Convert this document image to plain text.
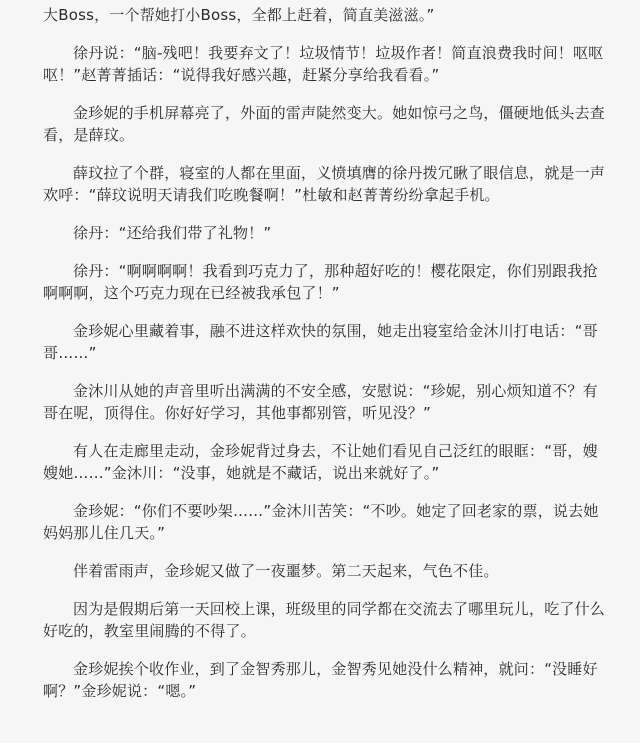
大Boss，一个帮她打小Boss，全都上赶着，简直美滋滋。”

徐丹说：“脑-残吧！我要弃文了！垃圾情节！垃圾作者！简直浪费我时间！呕呕呕！”赵菁菁插话：“说得我好感兴趣，赶紧分享给我看看。”

金珍妮的手机屏幕亮了，外面的雷声陡然变大。她如惊弓之鸟，僵硬地低头去查看，是薛玟。

薛玟拉了个群，寝室的人都在里面，义愤填膺的徐丹拨冗瞅了眼信息，就是一声欢呼：“薛玟说明天请我们吃晚餐啊！”杜敏和赵菁菁纷纷拿起手机。

徐丹：“还给我们带了礼物！”

徐丹：“啊啊啊啊！我看到巧克力了，那种超好吃的！樱花限定，你们别跟我抢啊啊啊，这个巧克力现在已经被我承包了！”

金珍妮心里藏着事，融不进这样欢快的氛围，她走出寝室给金沐川打电话：“哥哥……”

金沐川从她的声音里听出满满的不安全感，安慰说：“珍妮，别心烦知道不？有哥在呢，顶得住。你好好学习，其他事都别管，听见没？”

有人在走廊里走动，金珍妮背过身去，不让她们看见自己泛红的眼眶：“哥，嫂嫂她……”金沐川：“没事，她就是不藏话，说出来就好了。”

金珍妮：“你们不要吵架……”金沐川苦笑：“不吵。她定了回老家的票，说去她妈妈那儿住几天。”

伴着雷雨声，金珍妮又做了一夜噩梦。第二天起来，气色不佳。

因为是假期后第一天回校上课，班级里的同学都在交流去了哪里玩儿，吃了什么好吃的，教室里闹腾的不得了。

金珍妮挨个收作业，到了金智秀那儿，金智秀见她没什么精神，就问：“没睡好啊？”金珍妮说：“嗯。”
